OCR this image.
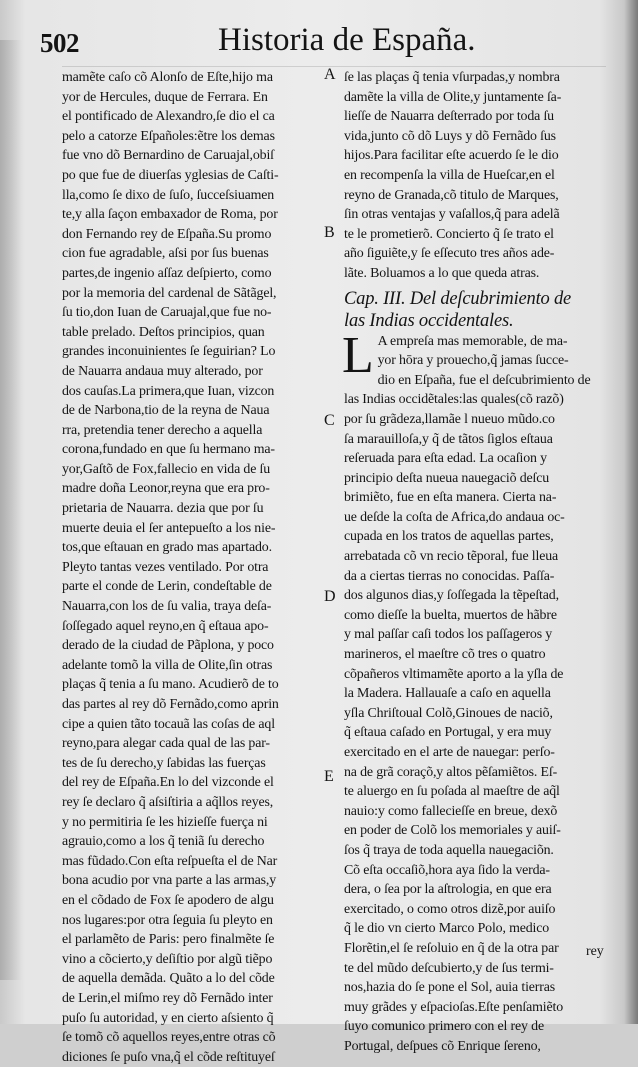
502	Historia de España.
mamẽte caſo cõ Alonſo de Eſte,hijo ma
yor de Hercules, duque de Ferrara. En
el pontificado de Alexandro,ſe dio el ca
pelo a catorze Eſpañoles:ẽtre los demas
fue vno dõ Bernardino de Caruajal,obiſ
po que fue de diuerſas yglesias de Caſti-
lla,como ſe dixo de ſuſo, ſucceſsiuamen
te,y alla ſaçon embaxador de Roma, por
don Fernando rey de Eſpaña.Su promo
cion fue agradable, aſsi por ſus buenas
partes,de ingenio aſſaz deſpierto, como
por la memoria del cardenal de Sãtãgel,
ſu tio,don Iuan de Caruajal,que fue no-
table prelado. Deſtos principios, quan
grandes inconuinientes ſe ſeguirian? Lo
de Nauarra andaua muy alterado, por
dos cauſas.La primera,que Iuan, vizcon
de de Narbona,tio de la reyna de Naua
rra, pretendia tener derecho a aquella
corona,fundado en que ſu hermano ma-
yor,Gaſtõ de Fox,fallecio en vida de ſu
madre doña Leonor,reyna que era pro-
prietaria de Nauarra. dezia que por ſu
muerte deuia el ſer antepueſto a los nie-
tos,que eſtauan en grado mas apartado.
Pleyto tantas vezes ventilado. Por otra
parte el conde de Lerin, condeſtable de
Nauarra,con los de ſu valia, traya deſa-
ſoſſegado aquel reyno,en q̃ eſtaua apo-
derado de la ciudad de Pãplona, y poco
adelante tomõ la villa de Olite,ſin otras
plaças q̃ tenia a ſu mano. Acudierõ de to
das partes al rey dõ Fernãdo,como aprin
cipe a quien tãto tocauã las coſas de aql
reyno,para alegar cada qual de las par-
tes de ſu derecho,y ſabidas las fuerças
del rey de Eſpaña.En lo del vizconde el
rey ſe declaro q̃ aſsiſtiria a aq̃llos reyes,
y no permitiria ſe les hizieſſe fuerça ni
agrauio,como a los q̃ teniã ſu derecho
mas fũdado.Con eſta reſpueſta el de Nar
bona acudio por vna parte a las armas,y
en el cõdado de Fox ſe apodero de algu
nos lugares:por otra ſeguia ſu pleyto en
el parlamẽto de Paris: pero finalmẽte ſe
vino a cõcierto,y deſiſtio por algũ tiẽpo
de aquella demãda. Quãto a lo del cõde
de Lerin,el miſmo rey dõ Fernãdo inter
puſo ſu autoridad, y en cierto aſsiento q̃
ſe tomõ cõ aquellos reyes,entre otras cõ
diciones ſe puſo vna,q̃ el cõde reſtituyeſ
ſe las plaças q̃ tenia vſurpadas,y nombra
damẽte la villa de Olite,y juntamente ſa-
lieſſe de Nauarra deſterrado por toda ſu
vida,junto cõ dõ Luys y dõ Fernãdo ſus
hijos.Para facilitar eſte acuerdo ſe le dio
en recompenſa la villa de Hueſcar,en el
reyno de Granada,cõ titulo de Marques,
ſin otras ventajas y vaſallos,q̃ para adelã
te le prometierõ. Concierto q̃ ſe trato el
año ſiguiẽte,y ſe eſſecuto tres años ade-
lãte. Boluamos a lo que queda atras.
Cap. III. Del deſcubrimiento de
las Indias occidentales.
L A empreſa mas memorable, de ma-
yor hōra y prouecho,q̃ jamas ſucce-
dio en Eſpaña, fue el deſcubrimiento de
las Indias occidẽtales:las quales(cõ razõ)
por ſu grãdeza,llamãe l nueuo mũdo.co
ſa marauilloſa,y q̃ de tãtos ſiglos eſtaua
reſeruada para eſta edad. La ocaſion y
principio deſta nueua nauegaciõ deſcu
brimiẽto, fue en eſta manera. Cierta na-
ue deſde la coſta de Africa,do andaua oc-
cupada en los tratos de aquellas partes,
arrebatada cõ vn recio tẽporal, fue lleua
da a ciertas tierras no conocidas. Paſſa-
dos algunos dias,y ſoſſegada la tẽpeſtad,
como dieſſe la buelta, muertos de hãbre
y mal paſſar caſi todos los paſſageros y
marineros, el maeſtre cõ tres o quatro
cõpañeros vltimamẽte aporto a la yſla de
la Madera. Hallauaſe a caſo en aquella
yſla Chriſtoual Colõ,Ginoues de naciõ,
q̃ eſtaua caſado en Portugal, y era muy
exercitado en el arte de nauegar: perſo-
na de grã coraçõ,y altos pẽſamiẽtos. Eſ-
te aluergo en ſu poſada al maeſtre de aq̃l
nauio:y como fallecieſſe en breue, dexõ
en poder de Colõ los memoriales y auiſ-
ſos q̃ traya de toda aquella nauegaciõn.
Cõ eſta occaſiõ,hora aya ſido la verda-
dera, o ſea por la aſtrologia, en que era
exercitado, o como otros dizẽ,por auiſo
q̃ le dio vn cierto Marco Polo, medico
Florẽtin,el ſe reſoluio en q̃ de la otra par
te del mũdo deſcubierto,y de ſus termi-
nos,hazia do ſe pone el Sol, auia tierras
muy grãdes y eſpacioſas.Eſte penſamiẽto
ſuyo comunico primero con el rey de
Portugal, deſpues cõ Enrique ſereno,
A
B
C
D
E
rey
